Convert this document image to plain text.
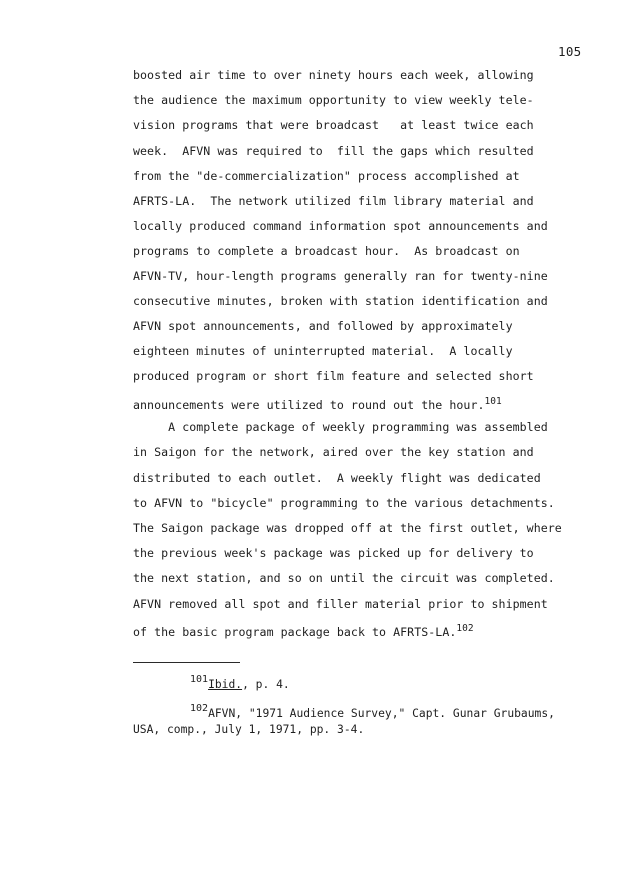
105
boosted air time to over ninety hours each week, allowing
the audience the maximum opportunity to view weekly tele-
vision programs that were broadcast   at least twice each
week.  AFVN was required to  fill the gaps which resulted
from the "de-commercialization" process accomplished at
AFRTS-LA.  The network utilized film library material and
locally produced command information spot announcements and
programs to complete a broadcast hour.  As broadcast on
AFVN-TV, hour-length programs generally ran for twenty-nine
consecutive minutes, broken with station identification and
AFVN spot announcements, and followed by approximately
eighteen minutes of uninterrupted material.  A locally
produced program or short film feature and selected short
announcements were utilized to round out the hour.$^{101}$
A complete package of weekly programming was assembled
in Saigon for the network, aired over the key station and
distributed to each outlet.  A weekly flight was dedicated
to AFVN to "bicycle" programming to the various detachments.
The Saigon package was dropped off at the first outlet, where
the previous week's package was picked up for delivery to
the next station, and so on until the circuit was completed.
AFVN removed all spot and filler material prior to shipment
of the basic program package back to AFRTS-LA.$^{102}$
101Ibid., p. 4.
102AFVN, "1971 Audience Survey," Capt. Gunar Grubaums,
USA, comp., July 1, 1971, pp. 3-4.
